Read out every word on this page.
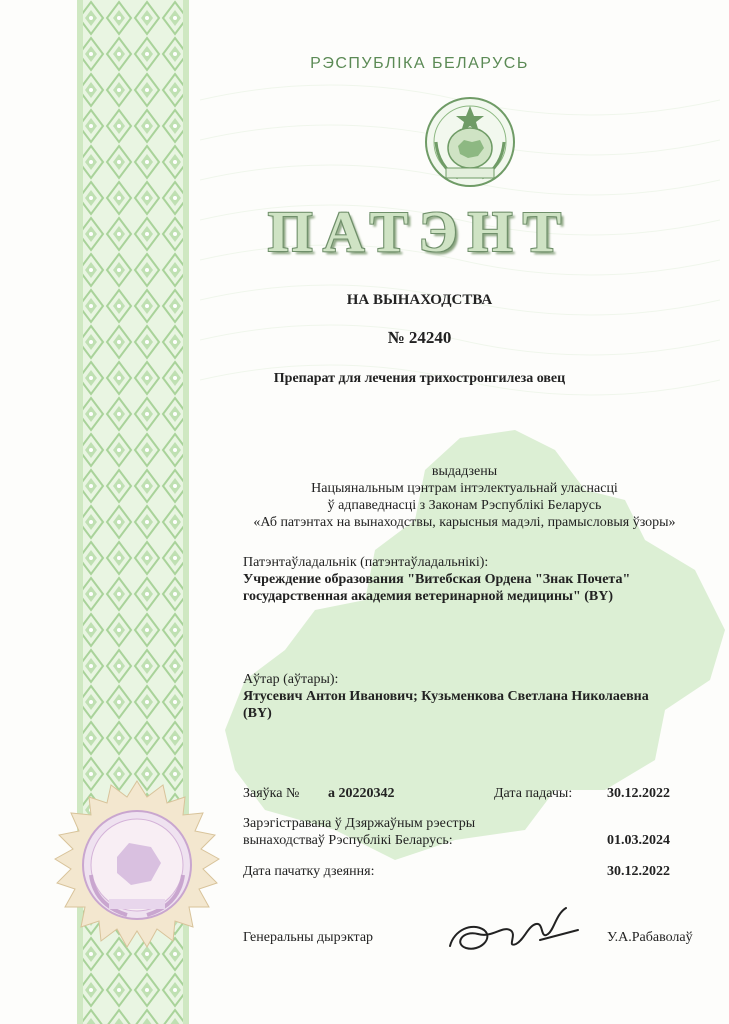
РЭСПУБЛІКА БЕЛАРУСЬ
ПАТЭНТ
НА ВЫНАХОДСТВА
№ 24240
Препарат для лечения трихостронгилеза овец
выдадзены
Нацыянальным цэнтрам інтэлектуальнай уласнасці
ў адпаведнасці з Законам Рэспублікі Беларусь
«Аб патэнтах на вынаходствы, карысныя мадэлі, прамысловыя ўзоры»
Патэнтаўладальнік (патэнтаўладальнікі):
Учреждение образования "Витебская Ордена "Знак Почета"
государственная академия ветеринарной медицины" (BY)
Аўтар (аўтары):
Ятусевич Антон Иванович; Кузьменкова Светлана Николаевна
(BY)
Заяўка № а 20220342	Дата падачы: 30.12.2022
Зарэгістравана ў Дзяржаўным рэестры
вынаходстваў Рэспублікі Беларусь:	01.03.2024
Дата пачатку дзеяння:	30.12.2022
Генеральны дырэктар	У.А.Рабаволаў
